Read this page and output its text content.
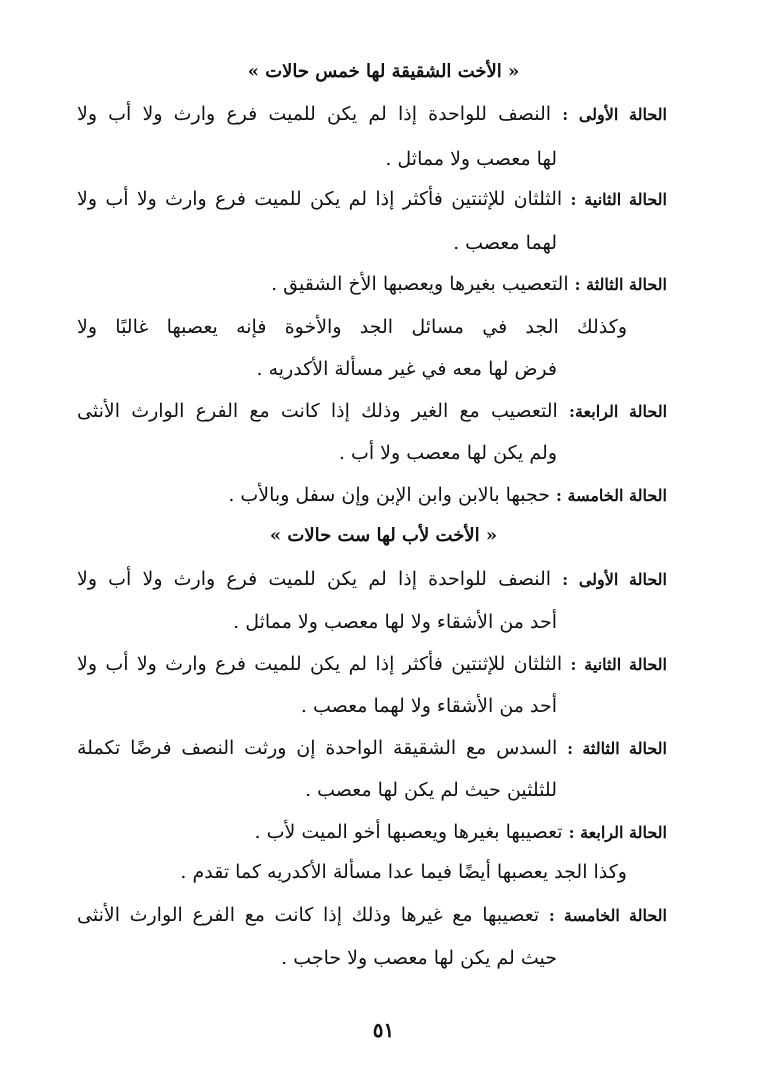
« الأخت الشقيقة لها خمس حالات »
الحالة الأولى : النصف للواحدة إذا لم يكن للميت فرع وارث ولا أب ولا
لها معصب ولا مماثل .
الحالة الثانية : الثلثان للإثنتين فأكثر إذا لم يكن للميت فرع وارث ولا أب ولا
لهما معصب .
الحالة الثالثة : التعصيب بغيرها ويعصبها الأخ الشقيق .
وكذلك الجد في مسائل الجد والأخوة فإنه يعصبها غالبًا ولا
فرض لها معه في غير مسألة الأكدريه .
الحالة الرابعة: التعصيب مع الغير وذلك إذا كانت مع الفرع الوارث الأنثى
ولم يكن لها معصب ولا أب .
الحالة الخامسة : حجبها بالابن وابن الإبن وإن سفل وبالأب .
« الأخت لأب لها ست حالات »
الحالة الأولى : النصف للواحدة إذا لم يكن للميت فرع وارث ولا أب ولا
أحد من الأشقاء ولا لها معصب ولا مماثل .
الحالة الثانية : الثلثان للإثنتين فأكثر إذا لم يكن للميت فرع وارث ولا أب ولا
أحد من الأشقاء ولا لهما معصب .
الحالة الثالثة : السدس مع الشقيقة الواحدة إن ورثت النصف فرضًا تكملة
للثلثين حيث لم يكن لها معصب .
الحالة الرابعة : تعصيبها بغيرها ويعصبها أخو الميت لأب .
وكذا الجد يعصبها أيضًا فيما عدا مسألة الأكدريه كما تقدم .
الحالة الخامسة : تعصيبها مع غيرها وذلك إذا كانت مع الفرع الوارث الأنثى
حيث لم يكن لها معصب ولا حاجب .
٥١
